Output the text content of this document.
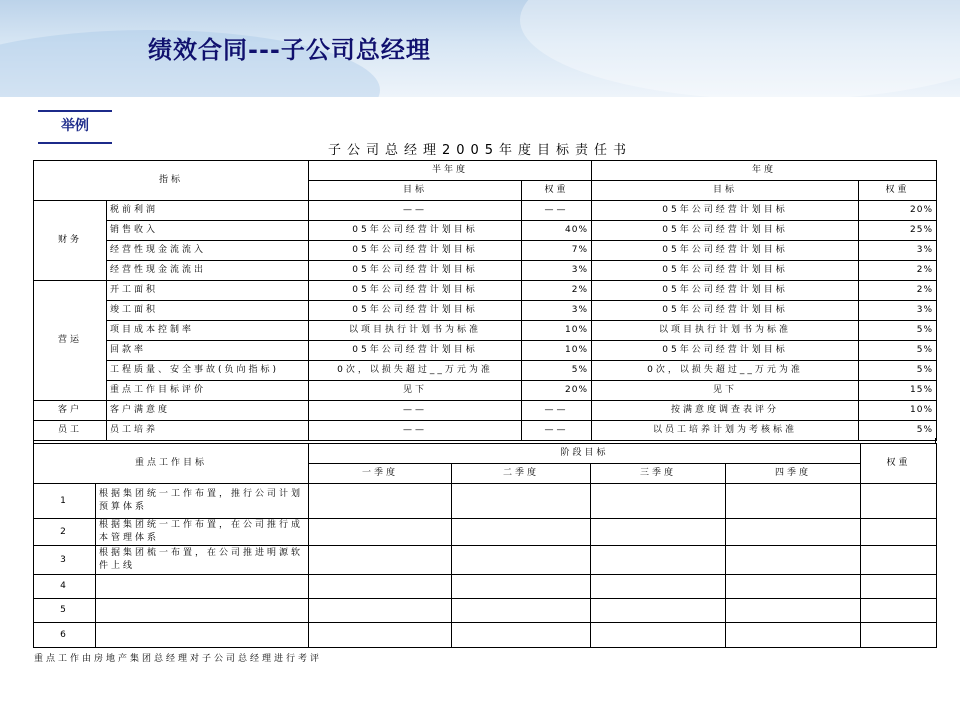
绩效合同---子公司总经理
举例
子公司总经理2005年度目标责任书
指标		半年度		年度	
		目标	权重	目标	权重
财务	税前利润	——	——	05年公司经营计划目标	20%
	销售收入	05年公司经营计划目标	40%	05年公司经营计划目标	25%
	经营性现金流流入	05年公司经营计划目标	7%	05年公司经营计划目标	3%
	经营性现金流流出	05年公司经营计划目标	3%	05年公司经营计划目标	2%
营运	开工面积	05年公司经营计划目标	2%	05年公司经营计划目标	2%
	竣工面积	05年公司经营计划目标	3%	05年公司经营计划目标	3%
	项目成本控制率	以项目执行计划书为标准	10%	以项目执行计划书为标准	5%
	回款率	05年公司经营计划目标	10%	05年公司经营计划目标	5%
	工程质量、安全事故(负向指标)	0次，以损失超过__万元为准	5%	0次，以损失超过__万元为准	5%
	重点工作目标评价	见下	20%	见下	15%
客户	客户满意度	——	——	按满意度调查表评分	10%
员工	员工培养	——	——	以员工培养计划为考核标准	5%
重点工作目标		阶段目标				权重
		一季度	二季度	三季度	四季度	
1	根据集团统一工作布置，推行公司计划预算体系					
2	根据集团统一工作布置，在公司推行成本管理体系					
3	根据集团梳一布置，在公司推进明源软件上线					
4						
5						
6						
重点工作由房地产集团总经理对子公司总经理进行考评
